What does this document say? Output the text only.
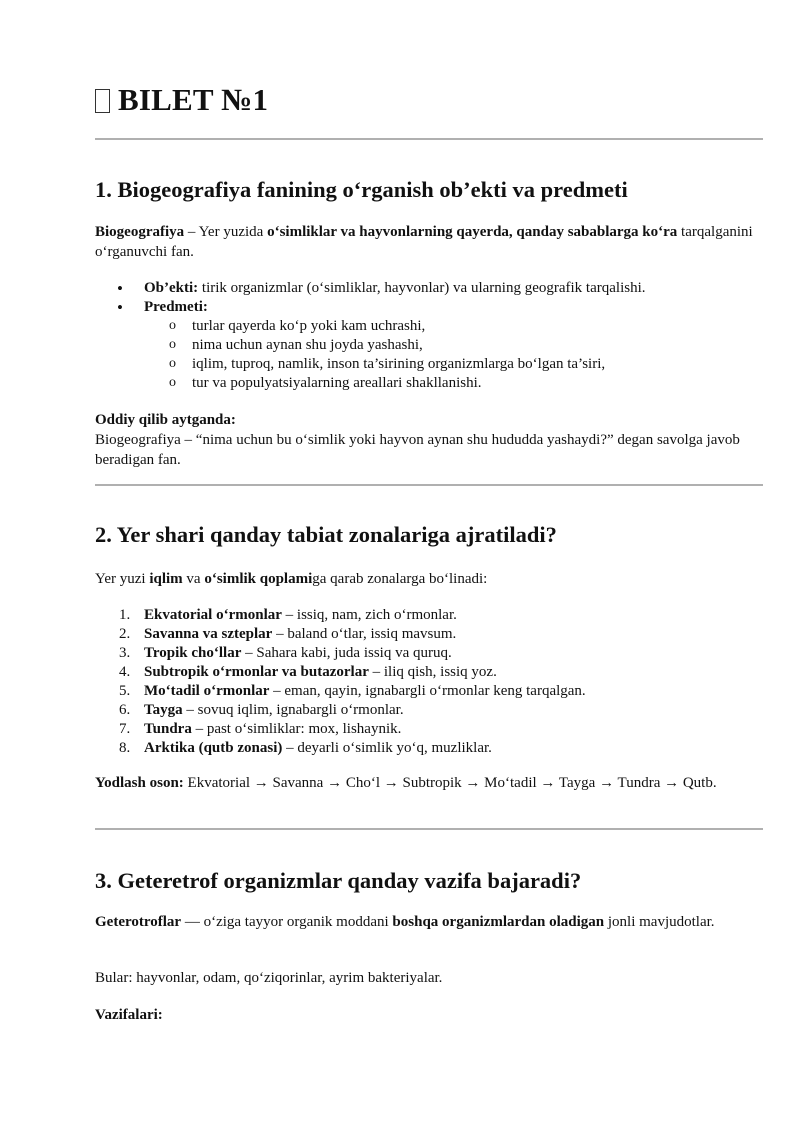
BILET №1
1. Biogeografiya fanining o‘rganish ob’ekti va predmeti

Biogeografiya – Yer yuzida o‘simliklar va hayvonlarning qayerda, qanday sabablarga ko‘ra tarqalganini o‘rganuvchi fan.

• Ob’ekti: tirik organizmlar (o‘simliklar, hayvonlar) va ularning geografik tarqalishi.
• Predmeti:
o turlar qayerda ko‘p yoki kam uchrashi,
o nima uchun aynan shu joyda yashashi,
o iqlim, tuproq, namlik, inson ta’sirining organizmlarga bo‘lgan ta’siri,
o tur va populyatsiyalarning areallari shakllanishi.

Oddiy qilib aytganda:

Biogeografiya – “nima uchun bu o‘simlik yoki hayvon aynan shu hududda yashaydi?” degan savolga javob beradigan fan.

2. Yer shari qanday tabiat zonalariga ajratiladi?

Yer yuzi iqlim va o‘simlik qoplamiga qarab zonalarga bo‘linadi:

1. Ekvatorial o‘rmonlar – issiq, nam, zich o‘rmonlar.
2. Savanna va szteplar – baland o‘tlar, issiq mavsum.
3. Tropik cho‘llar – Sahara kabi, juda issiq va quruq.
4. Subtropik o‘rmonlar va butazorlar – iliq qish, issiq yoz.
5. Mo‘tadil o‘rmonlar – eman, qayin, ignabargli o‘rmonlar keng tarqalgan.
6. Tayga – sovuq iqlim, ignabargli o‘rmonlar.
7. Tundra – past o‘simliklar: mox, lishaynik.
8. Arktika (qutb zonasi) – deyarli o‘simlik yo‘q, muzliklar.

Yodlash oson: Ekvatorial → Savanna → Cho‘l → Subtropik → Mo‘tadil → Tayga → Tundra → Qutb.

3. Geteretrof organizmlar qanday vazifa bajaradi?

Geterotroflar — o‘ziga tayyor organik moddani boshqa organizmlardan oladigan jonli mavjudotlar.

Bular: hayvonlar, odam, qo‘ziqorinlar, ayrim bakteriyalar.

Vazifalari:
